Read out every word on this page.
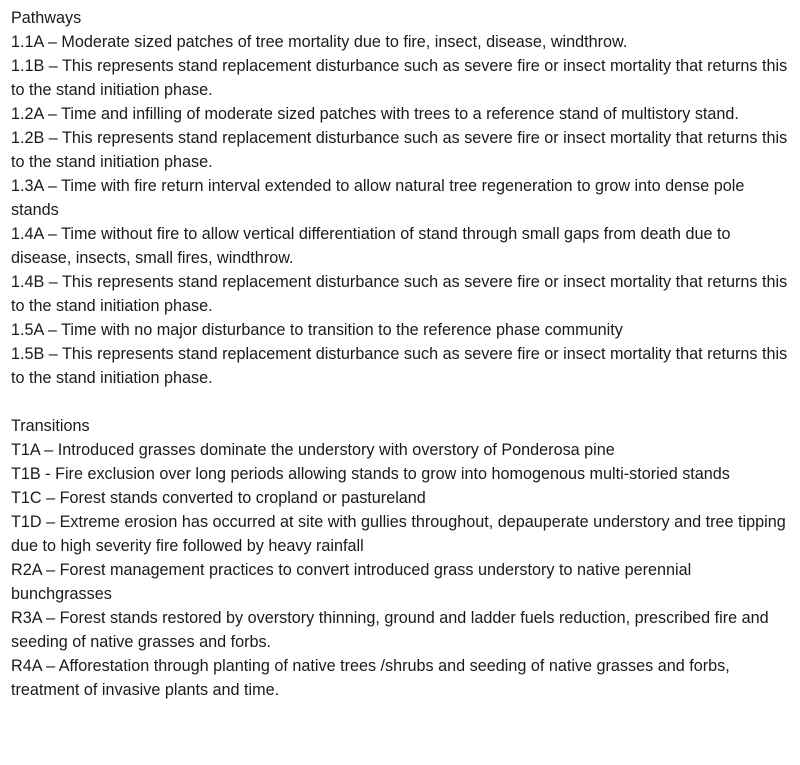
Pathways

1.1A – Moderate sized patches of tree mortality due to fire, insect, disease, windthrow.

1.1B – This represents stand replacement disturbance such as severe fire or insect mortality that returns this to the stand initiation phase.

1.2A – Time and infilling of moderate sized patches with trees to a reference stand of multistory stand.

1.2B – This represents stand replacement disturbance such as severe fire or insect mortality that returns this to the stand initiation phase.

1.3A – Time with fire return interval extended to allow natural tree regeneration to grow into dense pole stands

1.4A – Time without fire to allow vertical differentiation of stand through small gaps from death due to disease, insects, small fires, windthrow.

1.4B – This represents stand replacement disturbance such as severe fire or insect mortality that returns this to the stand initiation phase.

1.5A – Time with no major disturbance to transition to the reference phase community

1.5B – This represents stand replacement disturbance such as severe fire or insect mortality that returns this to the stand initiation phase.

Transitions

T1A – Introduced grasses dominate the understory with overstory of Ponderosa pine

T1B - Fire exclusion over long periods allowing stands to grow into homogenous multi-storied stands

T1C – Forest stands converted to cropland or pastureland

T1D – Extreme erosion has occurred at site with gullies throughout, depauperate understory and tree tipping due to high severity fire followed by heavy rainfall

R2A – Forest management practices to convert introduced grass understory to native perennial bunchgrasses

R3A – Forest stands restored by overstory thinning, ground and ladder fuels reduction, prescribed fire and seeding of native grasses and forbs.

R4A – Afforestation through planting of native trees /shrubs and seeding of native grasses and forbs, treatment of invasive plants and time.
